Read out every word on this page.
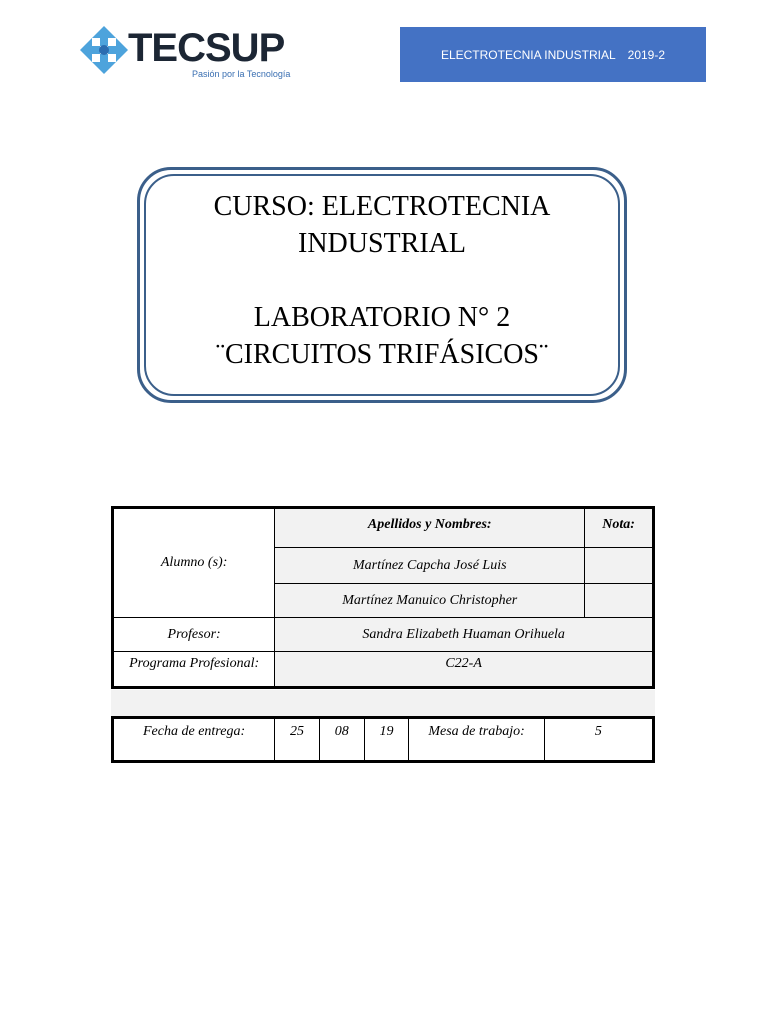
TECSUP
Pasión por la Tecnología
ELECTROTECNIA INDUSTRIAL 2019-2
CURSO: ELECTROTECNIA
INDUSTRIAL
LABORATORIO N° 2
¨CIRCUITOS TRIFÁSICOS¨
Alumno (s):	Apellidos y Nombres:	Nota:
	Martínez Capcha José Luis	
	Martínez Manuico Christopher	
Profesor:	Sandra Elizabeth Huaman Orihuela	
Programa Profesional:	C22-A	
Fecha de entrega:	25	08	19	Mesa de trabajo:	5
